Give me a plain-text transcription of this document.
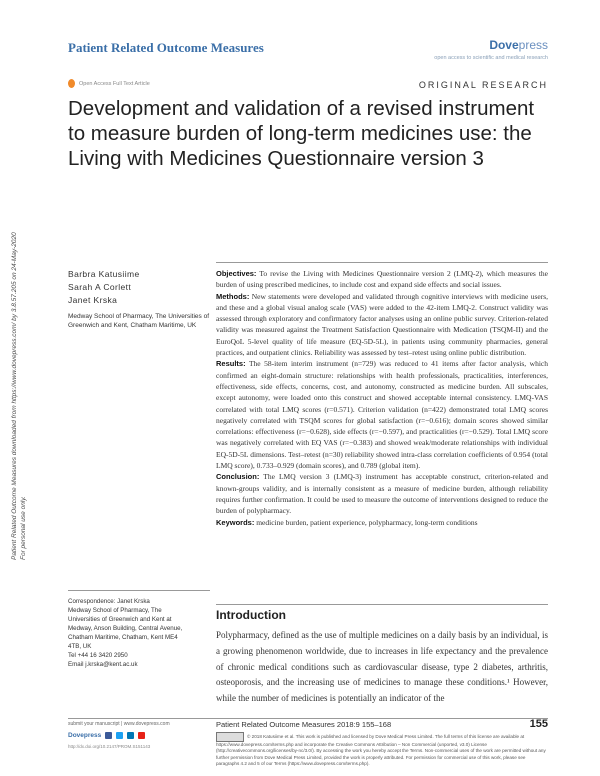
Patient Related Outcome Measures	Dovepress
open access to scientific and medical research
Open Access Full Text Article	ORIGINAL RESEARCH
Patient Related Outcome Measures downloaded from https://www.dovepress.com/ by 3.8.57.205 on 24-May-2020 For personal use only.
Development and validation of a revised instrument to measure burden of long-term medicines use: the Living with Medicines Questionnaire version 3
Barbra Katusiime
Sarah A Corlett
Janet Krska
Medway School of Pharmacy, The Universities of Greenwich and Kent, Chatham Maritime, UK

Objectives: To revise the Living with Medicines Questionnaire version 2 (LMQ-2), which measures the burden of using prescribed medicines, to include cost and expand side effects and social issues.

Methods: New statements were developed and validated through cognitive interviews with medicine users, and these and a global visual analog scale (VAS) were added to the 42-item LMQ-2. Construct validity was assessed through exploratory and confirmatory factor analyses using an online public survey. Criterion-related validity was measured against the Treatment Satisfaction Questionnaire with Medication (TSQM-II) and the EuroQoL 5-level quality of life measure (EQ-5D-5L), in patients using community pharmacies, general practices, and outpatient clinics. Reliability was assessed by test–retest using online public distribution.

Results: The 58-item interim instrument (n=729) was reduced to 41 items after factor analysis, which confirmed an eight-domain structure: relationships with health professionals, practicalities, interferences, effectiveness, side effects, concerns, cost, and autonomy, constructed as medicine burden. All subscales, except autonomy, were loaded onto this construct and showed acceptable internal consistency. LMQ-VAS correlated with total LMQ scores (r=0.571). Criterion validation (n=422) demonstrated total LMQ scores negatively correlated with TSQM scores for global satisfaction (r=−0.616); domain scores showed similar correlations: effectiveness (r=−0.628), side effects (r=−0.597), and practicalities (r=−0.529). Total LMQ score was negatively correlated with EQ VAS (r=−0.383) and showed weak/moderate relationships with individual EQ-5D-5L dimensions. Test–retest (n=30) reliability showed intra-class correlation coefficients of 0.954 (total LMQ score), 0.733–0.929 (domain scores), and 0.789 (global item).

Conclusion: The LMQ version 3 (LMQ-3) instrument has acceptable construct, criterion-related and known-groups validity, and is internally consistent as a measure of medicine burden, although reliability requires further confirmation. It could be used to measure the outcome of interventions designed to reduce the burden of polypharmacy.

Keywords: medicine burden, patient experience, polypharmacy, long-term conditions

Correspondence: Janet Krska
Medway School of Pharmacy, The
Universities of Greenwich and Kent at
Medway, Anson Building, Central Avenue,
Chatham Maritime, Chatham, Kent ME4
4TB, UK
Tel +44 16 3420 2950
Email j.krska@kent.ac.uk
Introduction
Polypharmacy, defined as the use of multiple medicines on a daily basis by an individual, is a growing phenomenon worldwide, due to increases in life expectancy and the prevalence of chronic medical conditions such as cardiovascular disease, type 2 diabetes, arthritis, osteoporosis, and the increasing use of medicines to manage these conditions.¹ However, while the number of medicines is potentially an indicator of the
submit your manuscript | www.dovepress.com
Dovepress
http://dx.doi.org/10.2147/PROM.S151143
Patient Related Outcome Measures 2018:9 155–168	155
© 2018 Katusiime et al. This work is published and licensed by Dove Medical Press Limited. The full terms of this license are available at https://www.dovepress.com/terms.php and incorporate the Creative Commons Attribution – Non Commercial (unported, v3.0) License (http://creativecommons.org/licenses/by-nc/3.0/). By accessing the work you hereby accept the Terms. Non-commercial uses of the work are permitted without any further permission from Dove Medical Press Limited, provided the work is properly attributed. For permission for commercial use of this work, please see paragraphs 4.2 and 5 of our Terms (https://www.dovepress.com/terms.php).
